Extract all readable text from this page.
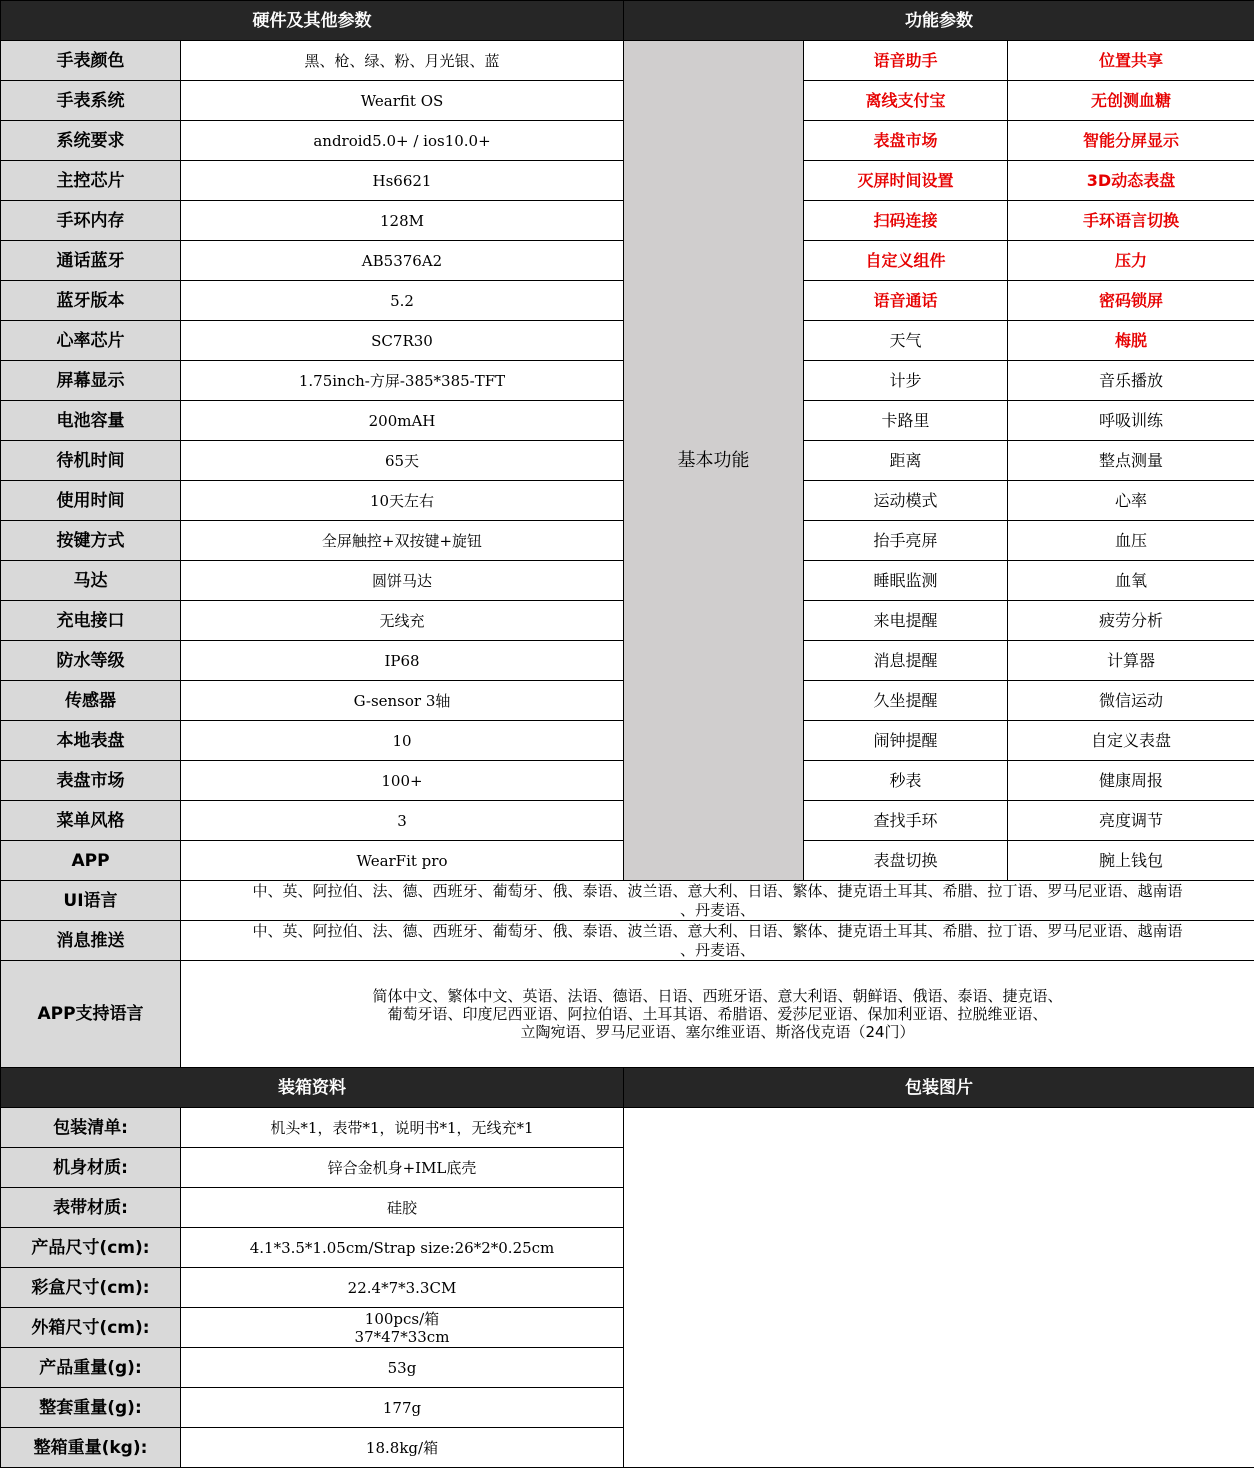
硬件及其他参数		功能参数		
手表颜色	黑、枪、绿、粉、月光银、蓝	基本功能	语音助手	位置共享
手表系统	Wearfit OS		离线支付宝	无创测血糖
系统要求	android5.0+ / ios10.0+		表盘市场	智能分屏显示
主控芯片	Hs6621		灭屏时间设置	3D动态表盘
手环内存	128M		扫码连接	手环语言切换
通话蓝牙	AB5376A2		自定义组件	压力
蓝牙版本	5.2		语音通话	密码锁屏
心率芯片	SC7R30		天气	梅脱
屏幕显示	1.75inch-方屏-385*385-TFT		计步	音乐播放
电池容量	200mAH		卡路里	呼吸训练
待机时间	65天		距离	整点测量
使用时间	10天左右		运动模式	心率
按键方式	全屏触控+双按键+旋钮		抬手亮屏	血压
马达	圆饼马达		睡眠监测	血氧
充电接口	无线充		来电提醒	疲劳分析
防水等级	IP68		消息提醒	计算器
传感器	G-sensor 3轴		久坐提醒	微信运动
本地表盘	10		闹钟提醒	自定义表盘
表盘市场	100+		秒表	健康周报
菜单风格	3		查找手环	亮度调节
APP	WearFit pro		表盘切换	腕上钱包
UI语言	中、英、阿拉伯、法、德、西班牙、葡萄牙、俄、泰语、波兰语、意大利、日语、繁体、捷克语土耳其、希腊、拉丁语、罗马尼亚语、越南语
、丹麦语、			

消息推送	中、英、阿拉伯、法、德、西班牙、葡萄牙、俄、泰语、波兰语、意大利、日语、繁体、捷克语土耳其、希腊、拉丁语、罗马尼亚语、越南语
、丹麦语、			

APP支持语言	简体中文、繁体中文、英语、法语、德语、日语、西班牙语、意大利语、朝鲜语、俄语、泰语、捷克语、
葡萄牙语、印度尼西亚语、阿拉伯语、土耳其语、希腊语、爱莎尼亚语、保加利亚语、拉脱维亚语、
立陶宛语、罗马尼亚语、塞尔维亚语、斯洛伐克语（24门）			

装箱资料		包装图片		
包装清单:	机头*1，表带*1，说明书*1，无线充*1			
机身材质:	锌合金机身+IML底壳			
表带材质:	硅胶			
产品尺寸(cm):	4.1*3.5*1.05cm/Strap size:26*2*0.25cm			
彩盒尺寸(cm):	22.4*7*3.3CM			
外箱尺寸(cm):	100pcs/箱
37*47*33cm			

产品重量(g):	53g			
整套重量(g):	177g			
整箱重量(kg):	18.8kg/箱			
